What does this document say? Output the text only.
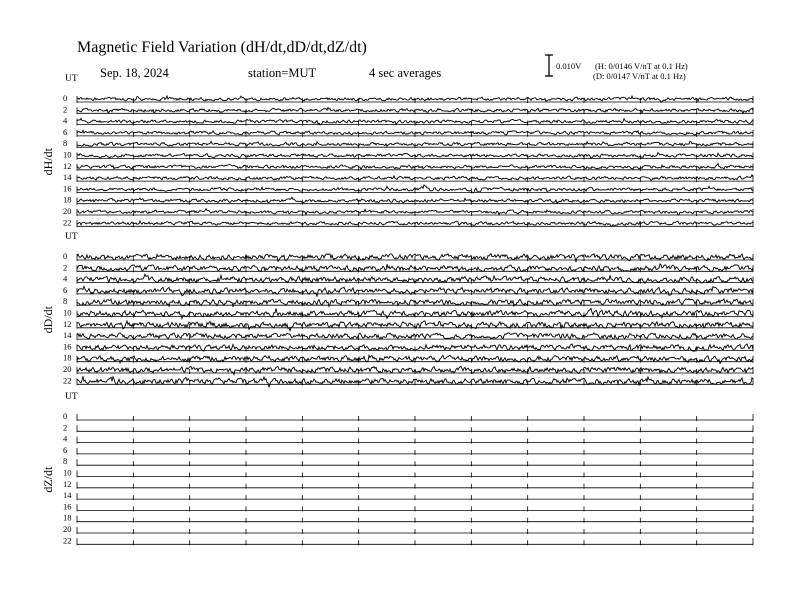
Magnetic Field Variation (dH/dt,dD/dt,dZ/dt)
Sep. 18, 2024	station=MUT	4 sec averages	0.010V (H: 0/0146 V/nT at 0.1 Hz)
(D: 0/0147 V/nT at 0.1 Hz)
UT
dH/dt
0
2
4
6
8
10
12
14
16
18
20
22
UT
dD/dt
0
2
4
6
8
10
12
14
16
18
20
22
UT
dZ/dt
0
2
4
6
8
10
12
14
16
18
20
22
